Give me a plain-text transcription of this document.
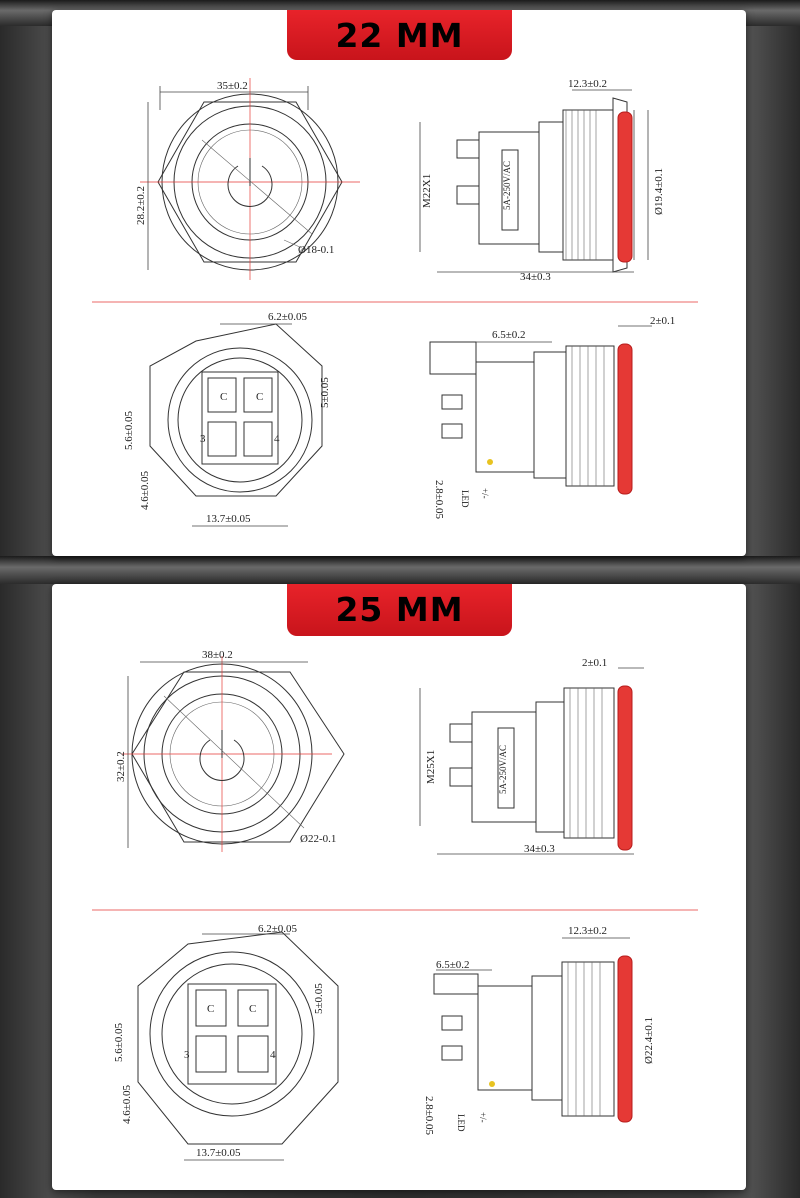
22 MM
35±0.2
28.2±0.2
Ø18-0.1
M22X1	5A-250V/AC
12.3±0.2
34±0.3
Ø19.4±0.1
C	C
3	4
6.2±0.05
5.6±0.05
4.6±0.05
5±0.05
13.7±0.05
6.5±0.2
2±0.1
2.8±0.05 LED +/-
25 MM
38±0.2
32±0.2
Ø22-0.1
M25X1	5A-250V/AC
2±0.1
34±0.3
C	C
3	4
6.2±0.05
5.6±0.05
4.6±0.05
5±0.05
13.7±0.05
6.5±0.2
12.3±0.2
Ø22.4±0.1
2.8±0.05 LED +/-
